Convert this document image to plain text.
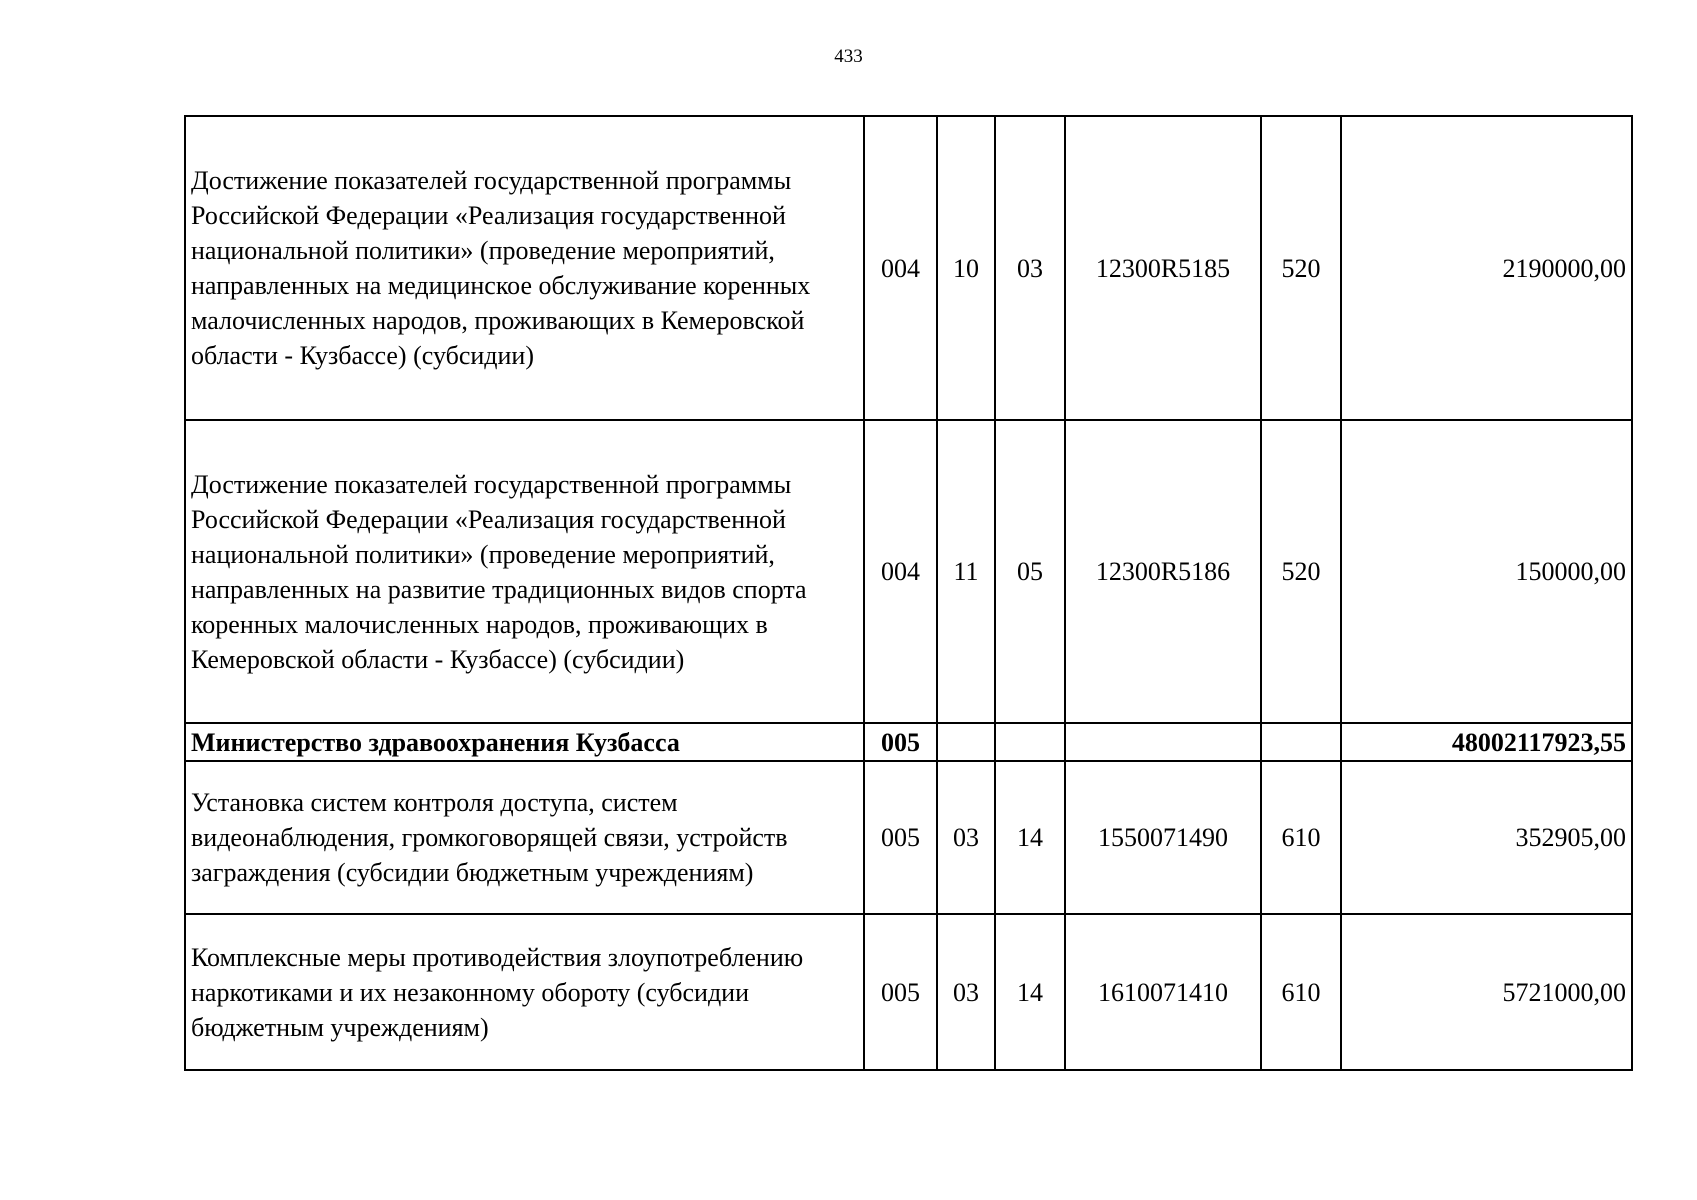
433
Достижение показателей государственной программы Российской Федерации «Реализация государственной национальной политики» (проведение мероприятий, направленных на медицинское обслуживание коренных малочисленных народов, проживающих в Кемеровской области - Кузбассе) (субсидии)	004	10	03	12300R5185	520	2190000,00
Достижение показателей государственной программы Российской Федерации «Реализация государственной национальной политики» (проведение мероприятий, направленных на развитие традиционных видов спорта коренных малочисленных народов, проживающих в Кемеровской области - Кузбассе) (субсидии)	004	11	05	12300R5186	520	150000,00
Министерство здравоохранения Кузбасса	005					48002117923,55
Установка систем контроля доступа, систем видеонаблюдения, громкоговорящей связи, устройств заграждения (субсидии бюджетным учреждениям)	005	03	14	1550071490	610	352905,00
Комплексные меры противодействия злоупотреблению наркотиками и их незаконному обороту (субсидии бюджетным учреждениям)	005	03	14	1610071410	610	5721000,00
